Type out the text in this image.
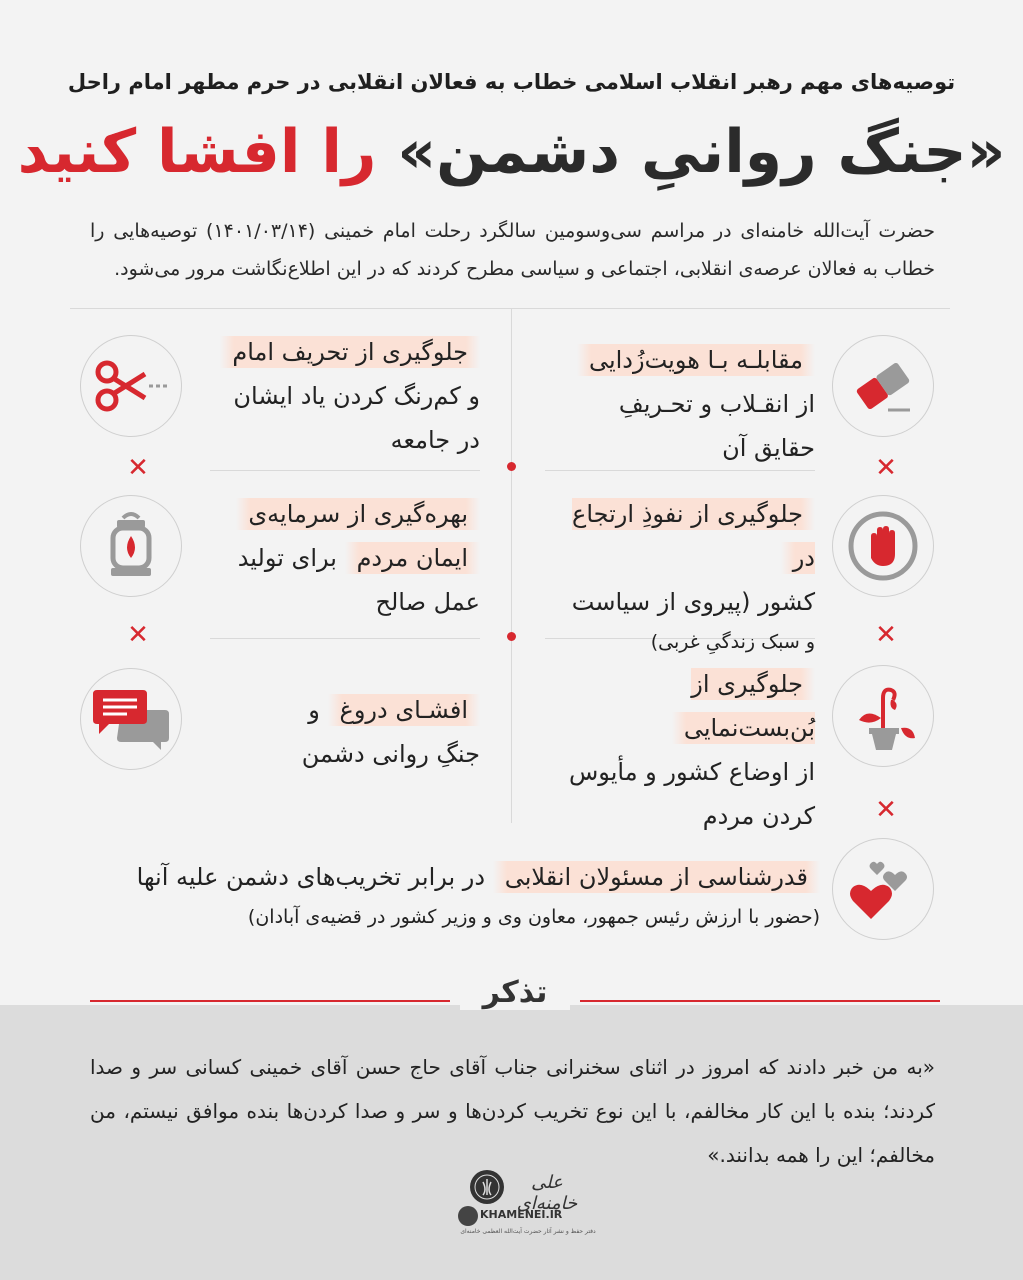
توصیه‌های مهم رهبر انقلاب اسلامی خطاب به فعالان انقلابی در حرم مطهر امام راحل
«جنگ روانیِ دشمن» را افشا کنید
حضرت آیت‌الله خامنه‌ای در مراسم سی‌وسومین سالگرد رحلت امام خمینی (۱۴۰۱/۰۳/۱۴) توصیه‌هایی را خطاب به فعالان عرصه‌ی انقلابی، اجتماعی و سیاسی مطرح کردند که در این اطلاع‌نگاشت مرور می‌شود.
✕	✕
✕	✕
✕
مقابلـه بـا هویت‌زُدایی
از انقـلاب و تحـریفِ
حقایق آن
جلوگیری از تحریف امام
و کم‌رنگ کردن یاد ایشان
در جامعه
جلوگیری از نفوذِ ارتجاع در
کشور (پیروی از سیاست
و سبک زندگیِ غربی)
بهره‌گیری از سرمایه‌ی
ایمان مردم برای تولید
عمل صالح
جلوگیری از بُن‌بست‌نمایی
از اوضاع کشور و مأیوس
کردن مردم
افشـای دروغ و
جنگِ روانی دشمن
قدرشناسی از مسئولان انقلابی در برابر تخریب‌های دشمن علیه آنها
(حضور با ارزش رئیس جمهور، معاون وی و وزیر کشور در قضیه‌ی آبادان)
تذکر
«به من خبر دادند که امروز در اثنای سخنرانی جناب آقای حاج حسن آقای خمینی کسانی سر و صدا کردند؛ بنده با این کار مخالفم، با این نوع تخریب کردن‌ها و سر و صدا کردن‌ها بنده موافق نیستم، من مخالفم؛ این را همه بدانند.»
علی خامنه‌ای
KHAMENEI.IR
دفتر حفظ و نشر آثار حضرت آیت‌الله العظمی خامنه‌ای
